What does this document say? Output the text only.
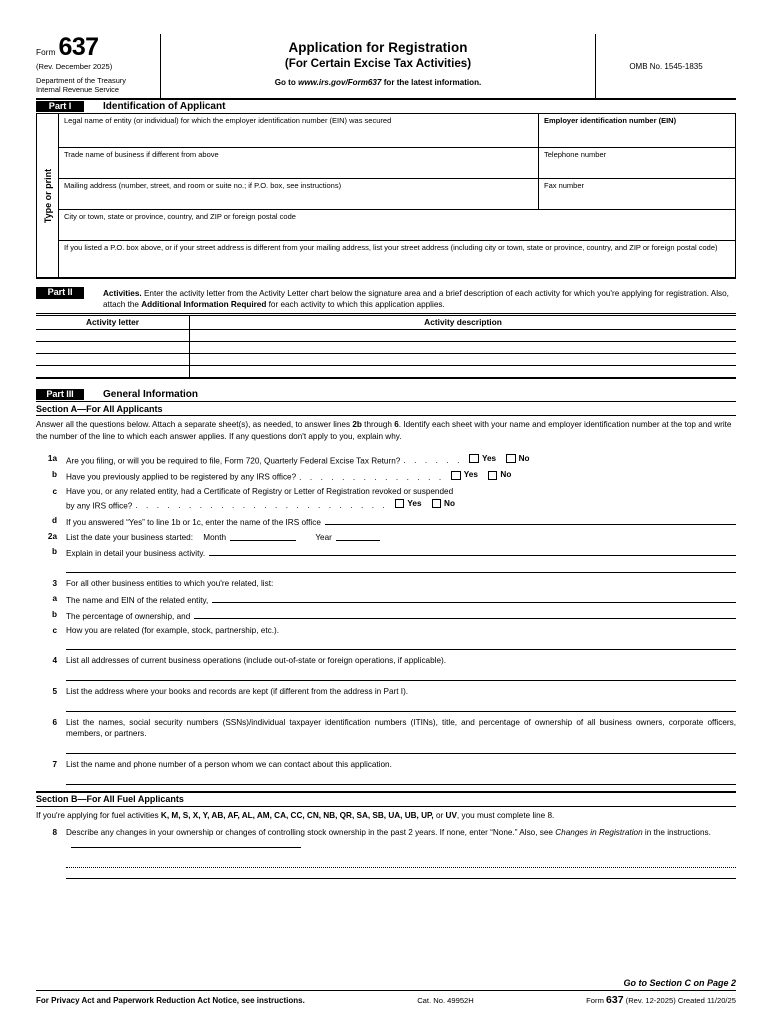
Form 637
(Rev. December 2025)
Department of the Treasury
Internal Revenue Service
Application for Registration
(For Certain Excise Tax Activities)
Go to www.irs.gov/Form637 for the latest information.
OMB No. 1545-1835
Part I	Identification of Applicant
Type or print
Legal name of entity (or individual) for which the employer identification number (EIN) was secured	Employer identification number (EIN)
Trade name of business if different from above	Telephone number
Mailing address (number, street, and room or suite no.; if P.O. box, see instructions)	Fax number
City or town, state or province, country, and ZIP or foreign postal code
If you listed a P.O. box above, or if your street address is different from your mailing address, list your street address (including city or town, state or province, country, and ZIP or foreign postal code)
Part II	Activities. Enter the activity letter from the Activity Letter chart below the signature area and a brief description of each activity for which you're applying for registration. Also, attach the Additional Information Required for each activity to which this application applies.
Activity letter	Activity description
Part III	General Information
Section A—For All Applicants
Answer all the questions below. Attach a separate sheet(s), as needed, to answer lines 2b through 6. Identify each sheet with your name and employer identification number at the top and write the number of the line to which each answer applies. If any questions don't apply to you, explain why.
1a	Are you filing, or will you be required to file, Form 720, Quarterly Federal Excise Tax Return? . . . . . . Yes	No
b	Have you previously applied to be registered by any IRS office? . . . . . . . . . . . . . . Yes	No
c	Have you, or any related entity, had a Certificate of Registry or Letter of Registration revoked or suspended
by any IRS office? . . . . . . . . . . . . . . . . . . . . . . . . Yes	No
d	If you answered “Yes” to line 1b or 1c, enter the name of the IRS office
2a	List the date your business started: Month	Year
b	Explain in detail your business activity.
3	For all other business entities to which you're related, list:
a	The name and EIN of the related entity,
b	The percentage of ownership, and
c	How you are related (for example, stock, partnership, etc.).
4	List all addresses of current business operations (include out-of-state or foreign operations, if applicable).
5	List the address where your books and records are kept (if different from the address in Part I).
6	List the names, social security numbers (SSNs)/individual taxpayer identification numbers (ITINs), title, and percentage of ownership of all business owners, corporate officers, members, or partners.
7	List the name and phone number of a person whom we can contact about this application.
Section B—For All Fuel Applicants
If you're applying for fuel activities K, M, S, X, Y, AB, AF, AL, AM, CA, CC, CN, NB, QR, SA, SB, UA, UB, UP, or UV, you must complete line 8.
8	Describe any changes in your ownership or changes of controlling stock ownership in the past 2 years. If none, enter “None.” Also, see Changes in Registration in the instructions.
Go to Section C on Page 2
For Privacy Act and Paperwork Reduction Act Notice, see instructions.	Cat. No. 49952H	Form 637 (Rev. 12-2025) Created 11/20/25
